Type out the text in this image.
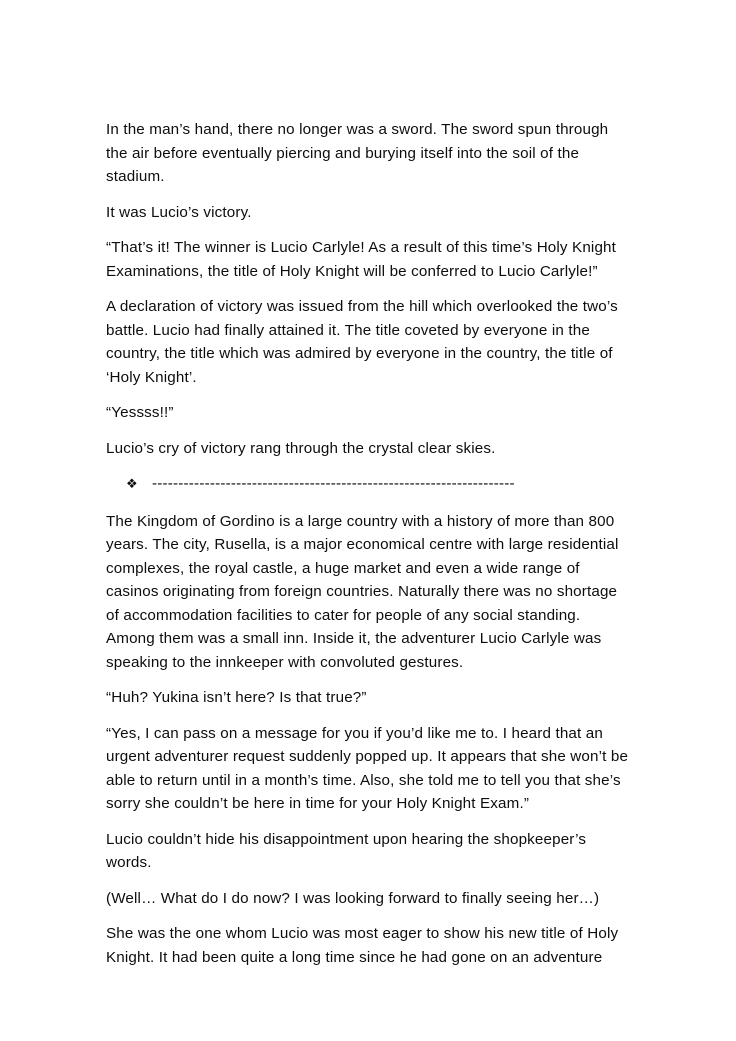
In the man’s hand, there no longer was a sword. The sword spun through the air before eventually piercing and burying itself into the soil of the stadium.

It was Lucio’s victory.

“That’s it! The winner is Lucio Carlyle! As a result of this time’s Holy Knight Examinations, the title of Holy Knight will be conferred to Lucio Carlyle!”

A declaration of victory was issued from the hill which overlooked the two’s battle. Lucio had finally attained it. The title coveted by everyone in the country, the title which was admired by everyone in the country, the title of ‘Holy Knight’.

“Yessss!!”

Lucio’s cry of victory rang through the crystal clear skies.

❖ ---------------------------------------------------------------------

The Kingdom of Gordino is a large country with a history of more than 800 years. The city, Rusella, is a major economical centre with large residential complexes, the royal castle, a huge market and even a wide range of casinos originating from foreign countries. Naturally there was no shortage of accommodation facilities to cater for people of any social standing. Among them was a small inn. Inside it, the adventurer Lucio Carlyle was speaking to the innkeeper with convoluted gestures.

“Huh? Yukina isn’t here? Is that true?”

“Yes, I can pass on a message for you if you’d like me to. I heard that an urgent adventurer request suddenly popped up. It appears that she won’t be able to return until in a month’s time. Also, she told me to tell you that she’s sorry she couldn’t be here in time for your Holy Knight Exam.”

Lucio couldn’t hide his disappointment upon hearing the shopkeeper’s words.

(Well… What do I do now? I was looking forward to finally seeing her…)

She was the one whom Lucio was most eager to show his new title of Holy Knight. It had been quite a long time since he had gone on an adventure
